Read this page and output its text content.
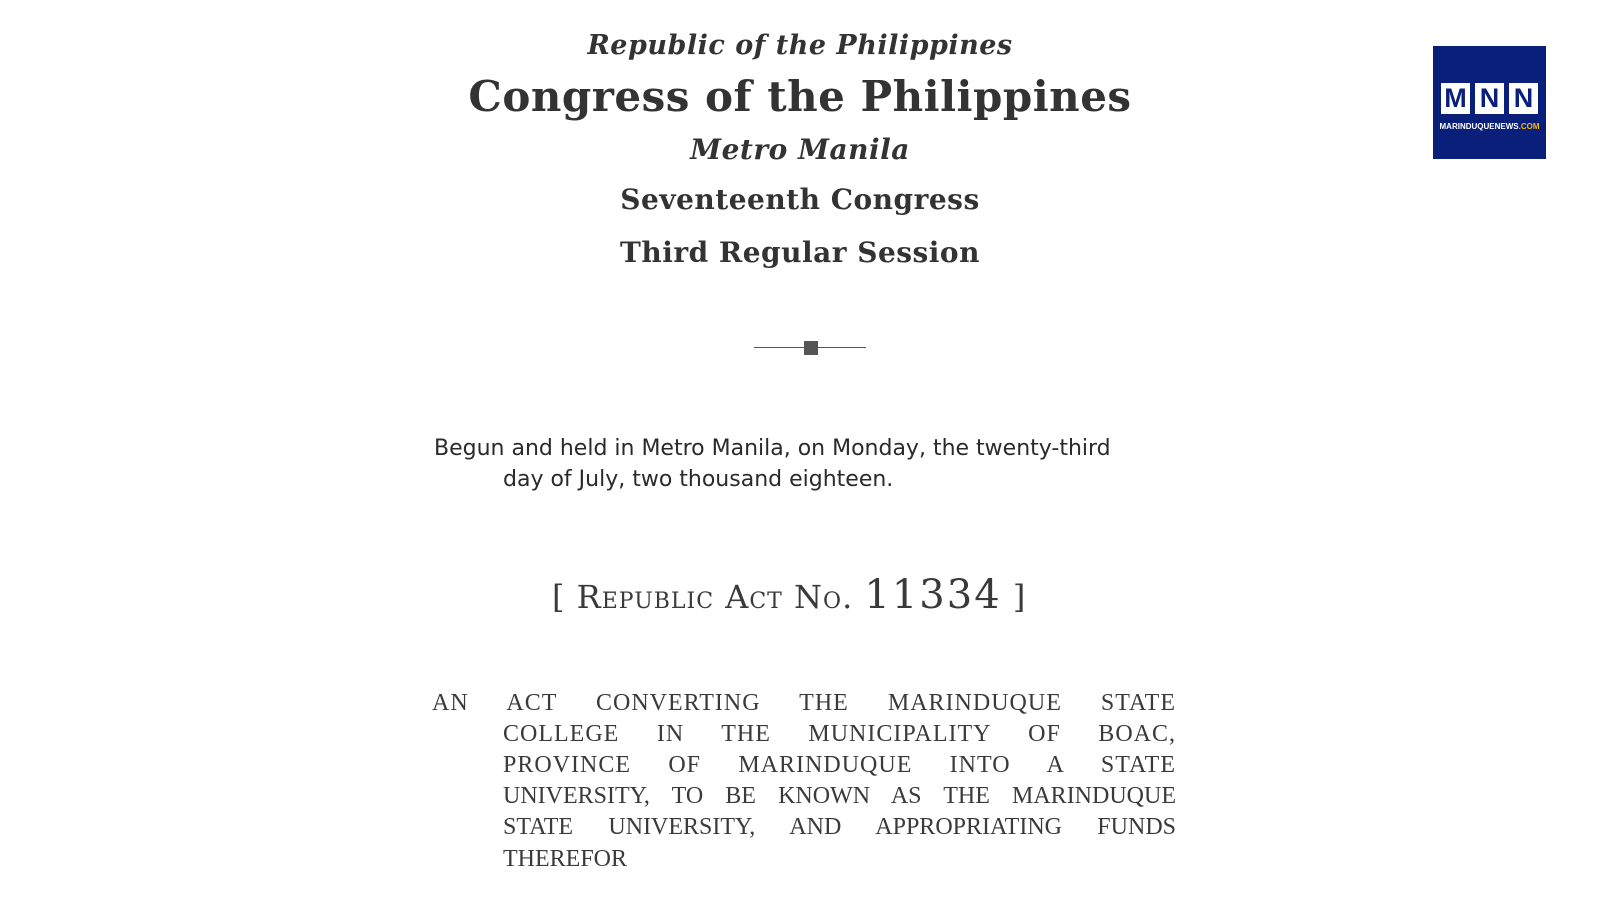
Republic of the Philippines
Congress of the Philippines
Metro Manila
Seventeenth Congress
Third Regular Session
Begun and held in Metro Manila, on Monday, the twenty-third
day of July, two thousand eighteen.
[ Republic Act No. 11334 ]
AN ACT CONVERTING THE MARINDUQUE STATE
COLLEGE IN THE MUNICIPALITY OF BOAC,
PROVINCE OF MARINDUQUE INTO A STATE
UNIVERSITY, TO BE KNOWN AS THE MARINDUQUE
STATE UNIVERSITY, AND APPROPRIATING FUNDS
THEREFOR
M N N
MARINDUQUENEWS.COM
